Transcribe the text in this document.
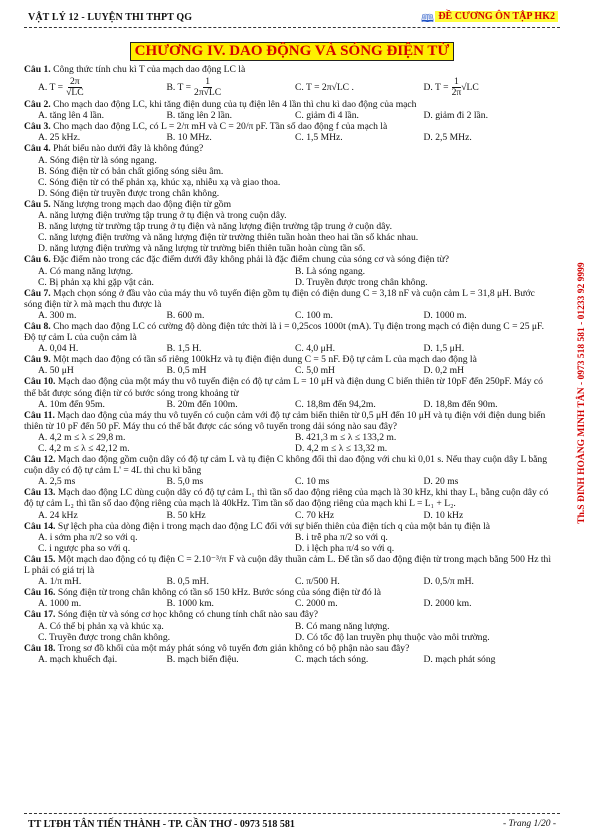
VẬT LÝ 12 - LUYỆN THI THPT QG	🕮 ĐỀ CƯƠNG ÔN TẬP HK2
CHƯƠNG IV. DAO ĐỘNG VÀ SÓNG ĐIỆN TỪ
Câu 1. Công thức tính chu kì T của mạch dao động LC là
A. $T = \frac{2\pi}{√LC}$	B. $T = \frac{1}{2\pi√LC}$	C. T = 2π√LC .	D. $T = \frac{1}{2\pi} √LC$
Câu 2. Cho mạch dao động LC, khi tăng điện dung của tụ điện lên 4 lần thì chu kì dao động của mạch
A. tăng lên 4 lần.	B. tăng lên 2 lần.	C. giảm đi 4 lần.	D. giảm đi 2 lần.
Câu 3. Cho mạch dao động LC, có L = 2/π mH và C = 20/π pF. Tần số dao động f của mạch là
A. 25 kHz.	B. 10 MHz.	C. 1,5 MHz.	D. 2,5 MHz.
Câu 4. Phát biểu nào dưới đây là không đúng?
A. Sóng điện từ là sóng ngang.
B. Sóng điện từ có bản chất giống sóng siêu âm.
C. Sóng điện từ có thể phản xạ, khúc xạ, nhiễu xạ và giao thoa.
D. Sóng điện từ truyền được trong chân không.
Câu 5. Năng lượng trong mạch dao động điện từ gồm
A. năng lượng điện trường tập trung ở tụ điện và trong cuộn dây.
B. năng lượng từ trường tập trung ở tụ điện và năng lượng điện trường tập trung ở cuộn dây.
C. năng lượng điện trường và năng lượng điện từ trường thiên tuần hoàn theo hai tần số khác nhau.
D. năng lượng điện trường và năng lượng từ trường biến thiên tuần hoàn cùng tần số.
Câu 6. Đặc điểm nào trong các đặc điểm dưới đây không phải là đặc điểm chung của sóng cơ và sóng điện từ?
A. Có mang năng lượng.	B. Là sóng ngang.
C. Bị phản xạ khi gặp vật cản.	D. Truyền được trong chân không.
Câu 7. Mạch chọn sóng ở đầu vào của máy thu vô tuyến điện gồm tụ điện có điện dung C = 3,18 nF và cuộn cảm L = 31,8 μH. Bước sóng điện từ λ mà mạch thu được là
A. 300 m.	B. 600 m.	C. 100 m.	D. 1000 m.
Câu 8. Cho mạch dao động LC có cường độ dòng điện tức thời là i = 0,25cos 1000t (mA). Tụ điện trong mạch có điện dung C = 25 μF. Độ tự cảm L của cuộn cảm là
A. 0,04 H.	B. 1,5 H.	C. 4,0 μH.	D. 1,5 μH.
Câu 9. Một mạch dao động có tần số riêng 100kHz và tụ điện điện dung C = 5 nF. Độ tự cảm L của mạch dao động là
A. 50 μH	B. 0,5 mH	C. 5,0 mH	D. 0,2 mH
Câu 10. Mạch dao động của một máy thu vô tuyến điện có độ tự cảm L = 10 μH và điện dung C biến thiên từ 10pF đến 250pF. Máy có thể bắt được sóng điện từ có bước sóng trong khoảng từ
A. 10m đến 95m.	B. 20m đến 100m.	C. 18,8m đến 94,2m.	D. 18,8m đến 90m.
Câu 11. Mạch dao động của máy thu vô tuyến có cuộn cảm với độ tự cảm biến thiên từ 0,5 μH đến 10 μH và tụ điện với điện dung biến thiên từ 10 pF đến 50 pF. Máy thu có thể bắt được các sóng vô tuyến trong dải sóng nào sau đây?
A. 4,2 m ≤ λ ≤ 29,8 m.	B. 421,3 m ≤ λ ≤ 133,2 m.
C. 4,2 m ≤ λ ≤ 42,12 m.	D. 4,2 m ≤ λ ≤ 13,32 m.
Câu 12. Mạch dao động gồm cuộn dây có độ tự cảm L và tụ điện C không đổi thì dao động với chu kì 0,01 s. Nếu thay cuộn dây L bằng cuộn dây có độ tự cảm L' = 4L thì chu kì bằng
A. 2,5 ms	B. 5,0 ms	C. 10 ms	D. 20 ms
Câu 13. Mạch dao động LC dùng cuộn dây có độ tự cảm L₁ thì tần số dao động riêng của mạch là 30 kHz, khi thay L₁ bằng cuộn dây có độ tự cảm L₂ thì tần số dao động riêng của mạch là 40kHz. Tìm tần số dao động riêng của mạch khi L = L₁ + L₂.
A. 24 kHz	B. 50 kHz	C. 70 kHz	D. 10 kHz
Câu 14. Sự lệch pha của dòng điện i trong mạch dao động LC đối với sự biến thiên của điện tích q của một bản tụ điện là
A. i sớm pha π/2 so với q.	B. i trễ pha π/2 so với q.
C. i ngược pha so với q.	D. i lệch pha π/4 so với q.
Câu 15. Một mạch dao động có tụ điện C = 2.10⁻³/π F và cuộn dây thuần cảm L. Để tần số dao động điện từ trong mạch bằng 500 Hz thì L phải có giá trị là
A. 1/π mH.	B. 0,5 mH.	C. π/500 H.	D. 0,5/π mH.
Câu 16. Sóng điện từ trong chân không có tần số 150 kHz. Bước sóng của sóng điện từ đó là
A. 1000 m.	B. 1000 km.	C. 2000 m.	D. 2000 km.
Câu 17. Sóng điện từ và sóng cơ học không có chung tính chất nào sau đây?
A. Có thể bị phản xạ và khúc xạ.	B. Có mang năng lượng.
C. Truyền được trong chân không.	D. Có tốc độ lan truyền phụ thuộc vào môi trường.
Câu 18. Trong sơ đồ khối của một máy phát sóng vô tuyến đơn giản không có bộ phận nào sau đây?
A. mạch khuếch đại.	B. mạch biến điệu.	C. mạch tách sóng.	D. mạch phát sóng
Th.S ĐINH HOÀNG MINH TÂN - 0973 518 581 - 01233 92 9999
TT LTĐH TÂN TIẾN THÀNH - TP. CẦN THƠ - 0973 518 581	- Trang 1/20 -
